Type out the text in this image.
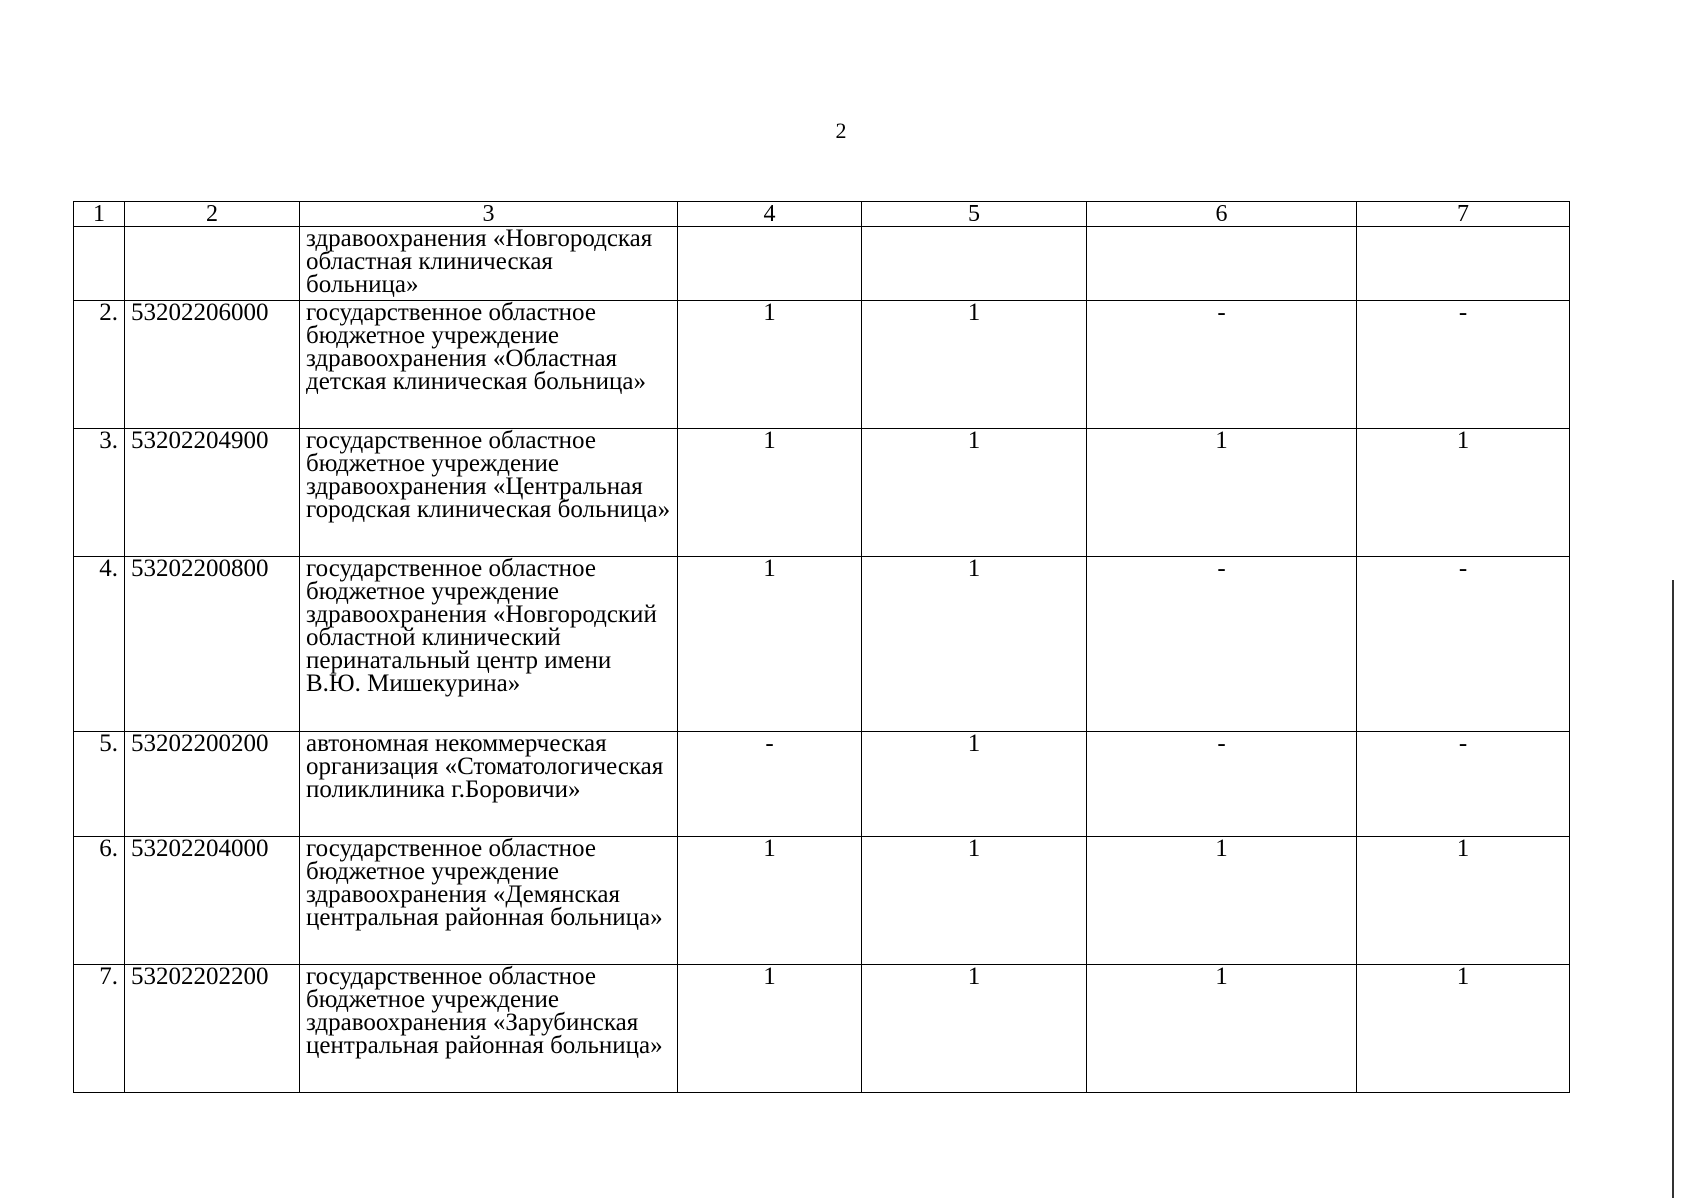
2
1	2	3	4	5	6	7
		здравоохранения «Новгородская областная клиническая больница»				
2.	53202206000	государственное областное бюджетное учреждение здравоохранения «Областная детская клиническая больница»	1	1	-	-
3.	53202204900	государственное областное бюджетное учреждение здравоохранения «Центральная городская клиническая больница»	1	1	1	1
4.	53202200800	государственное областное бюджетное учреждение здравоохранения «Новгородский областной клинический перинатальный центр имени В.Ю. Мишекурина»	1	1	-	-
5.	53202200200	автономная некоммерческая организация «Стоматологическая поликлиника г.Боровичи»	-	1	-	-
6.	53202204000	государственное областное бюджетное учреждение здравоохранения «Демянская центральная районная больница»	1	1	1	1
7.	53202202200	государственное областное бюджетное учреждение здравоохранения «Зарубинская центральная районная больница»	1	1	1	1
